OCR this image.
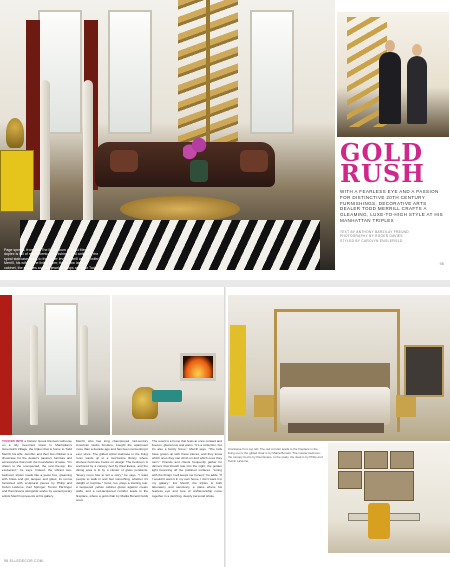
Page spread, from left: The living room of Todd Merrill's duplex is full of mixed-century furnishings and antiques; the spiral staircase leads to the upper level. Merrill and Jennifer Merrill, his wife, in the living room; the yellow lacquer cabinet, the sconces and the jeweled-lamps are from Todd Merrill Studio.
GOLD
RUSH
WITH A FEARLESS EYE AND A PASSION FOR DISTINCTIVE 20TH CENTURY FURNISHINGS, DECORATIVE ARTS DEALER TODD MERRILL CRAFTS A GLEAMING, LUXE-TO-HIGH STYLE AT HIS MANHATTAN TRIPLEX
TEXT BY ANTHONY BARZILAY FREUND
PHOTOGRAPHY BY ROGER DAVIES
STYLED BY CAROLYN ENGLEFIELD
98
TUCKED INTO a historic Greek Revival rowhouse on a tidy tree-lined street in Manhattan's Greenwich Village, the triplex that is home to Todd Merrill, his wife, Jennifer, and their two children is a showcase for the dealer's passion: furniture and accessories that push the boundaries of taste. "I'm drawn to the unexpected, the over-the-top, the exuberant," he says. Indeed, the vibrant two-bedroom triplex reads like a jewel box, gleaming with brass and gilt, lacquer and glass, its rooms furnished with sculptural pieces by Philip and Kelvin LaVerne, Karl Springer, Tommi Parzinger and Paul Evans alongside works by contemporary artists Merrill represents at his gallery.
Merrill, who has long championed mid-century American studio furniture, bought the apartment more than a decade ago and has been reinventing it ever since. The gilded spiral staircase in the living room winds up to a mezzanine library, where shelves hold rare books on design. The bedroom is anchored by a canopy bed by Paul Evans, and the dining area is lit by a cluster of glass pendants. "Every room has to tell a story," he says. "I want people to walk in and feel something, whether it's delight or surprise." Color, too, plays a starring role: a lacquered yellow cabinet glows against cream walls, and a red-lacquered corridor leads to the fireplace, where a gold chair by Mattia Bonetti holds court.
The result is a home that feels at once curated and lived-in, glamorous and warm. "It's a collection, but it's also a family home," Merrill says. "The kids have grown up with these pieces, and they know which ones they can climb on and which ones they can't." Friends and clients frequently gather for dinners that stretch late into the night, the golden light bouncing off the polished surfaces. "Living with the things I sell keeps me honest," he adds. "If I wouldn't want it in my own home, I don't want it in my gallery." For Merrill, the triplex is both laboratory and sanctuary, a place where his fearless eye and love of craftsmanship come together in a dazzling, deeply personal whole.
98 ELLEDECOR.COM
Clockwise from top left: The red corridor leads to the fireplace in the living room; the gilded chair is by Mattia Bonetti. The master bedroom; the canopy bed is by Paul Evans. In the study, the desk is by Philip and Kelvin LaVerne.
